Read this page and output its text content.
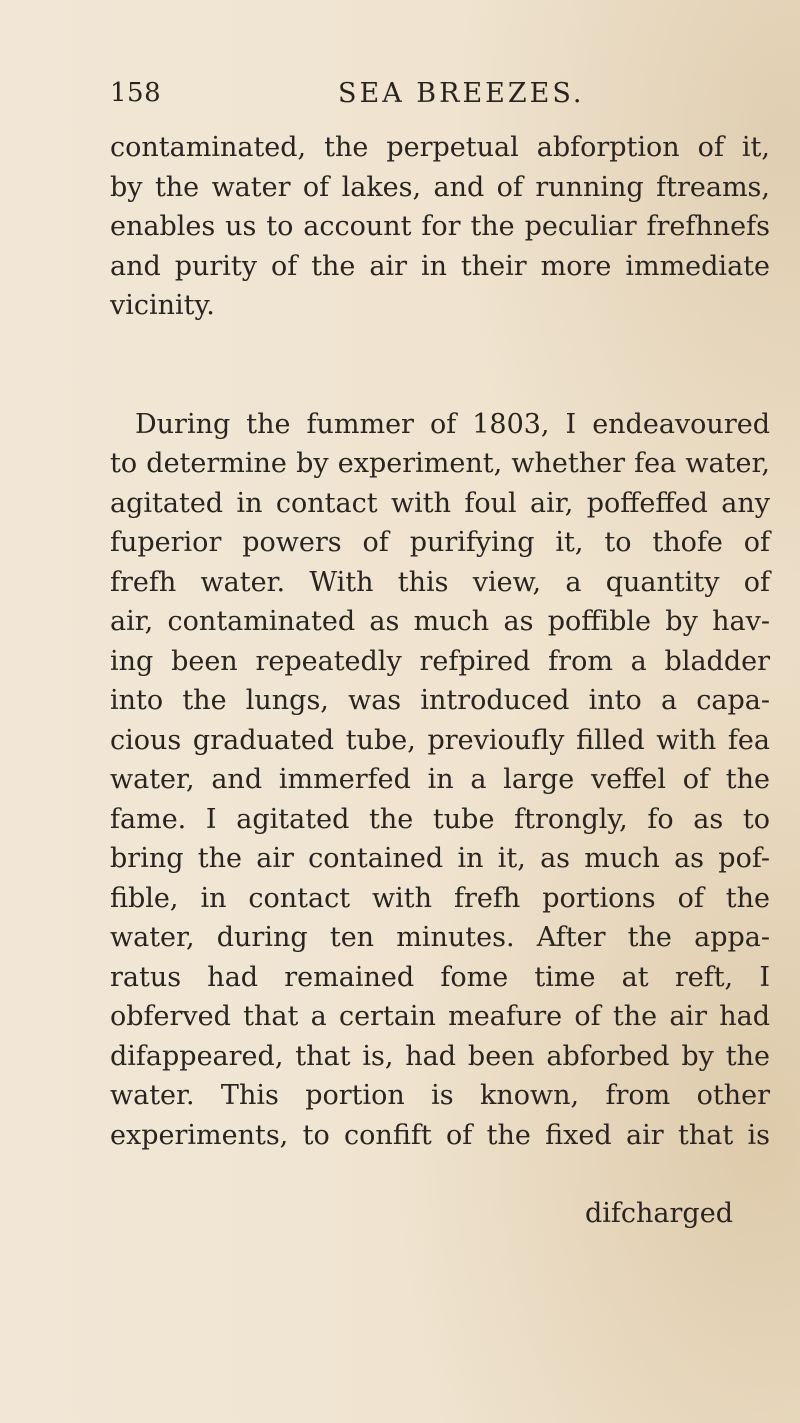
158	SEA BREEZES.
contaminated, the perpetual abforption of it,
by the water of lakes, and of running ftreams,
enables us to account for the peculiar frefhnefs
and purity of the air in their more immediate
vicinity.
During the fummer of 1803, I endeavoured
to determine by experiment, whether fea water,
agitated in contact with foul air, poffeffed any
fuperior powers of purifying it, to thofe of
frefh water. With this view, a quantity of
air, contaminated as much as poffible by hav-
ing been repeatedly refpired from a bladder
into the lungs, was introduced into a capa-
cious graduated tube, previoufly filled with fea
water, and immerfed in a large veffel of the
fame. I agitated the tube ftrongly, fo as to
bring the air contained in it, as much as pof-
fible, in contact with frefh portions of the
water, during ten minutes. After the appa-
ratus had remained fome time at reft, I
obferved that a certain meafure of the air had
difappeared, that is, had been abforbed by the
water. This portion is known, from other
experiments, to confift of the fixed air that is
difcharged
